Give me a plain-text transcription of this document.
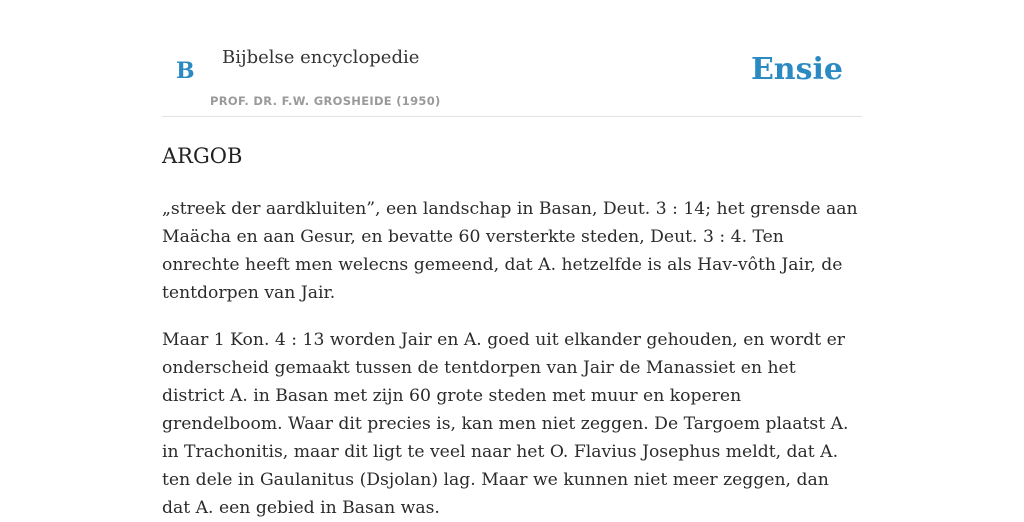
B
Bijbelse encyclopedie
PROF. DR. F.W. GROSHEIDE (1950)
Ensie
ARGOB

„streek der aardkluiten”, een landschap in Basan, Deut. 3 : 14; het grensde aan Maächa en aan Gesur, en bevatte 60 versterkte steden, Deut. 3 : 4. Ten onrechte heeft men welecns gemeend, dat A. hetzelfde is als Hav-vôth Jair, de tentdorpen van Jair.

Maar 1 Kon. 4 : 13 worden Jair en A. goed uit elkander gehouden, en wordt er onderscheid gemaakt tussen de tentdorpen van Jair de Manassiet en het district A. in Basan met zijn 60 grote steden met muur en koperen grendelboom. Waar dit precies is, kan men niet zeggen. De Targoem plaatst A. in Trachonitis, maar dit ligt te veel naar het O. Flavius Josephus meldt, dat A. ten dele in Gaulanitus (Dsjolan) lag. Maar we kunnen niet meer zeggen, dan dat A. een gebied in Basan was.
